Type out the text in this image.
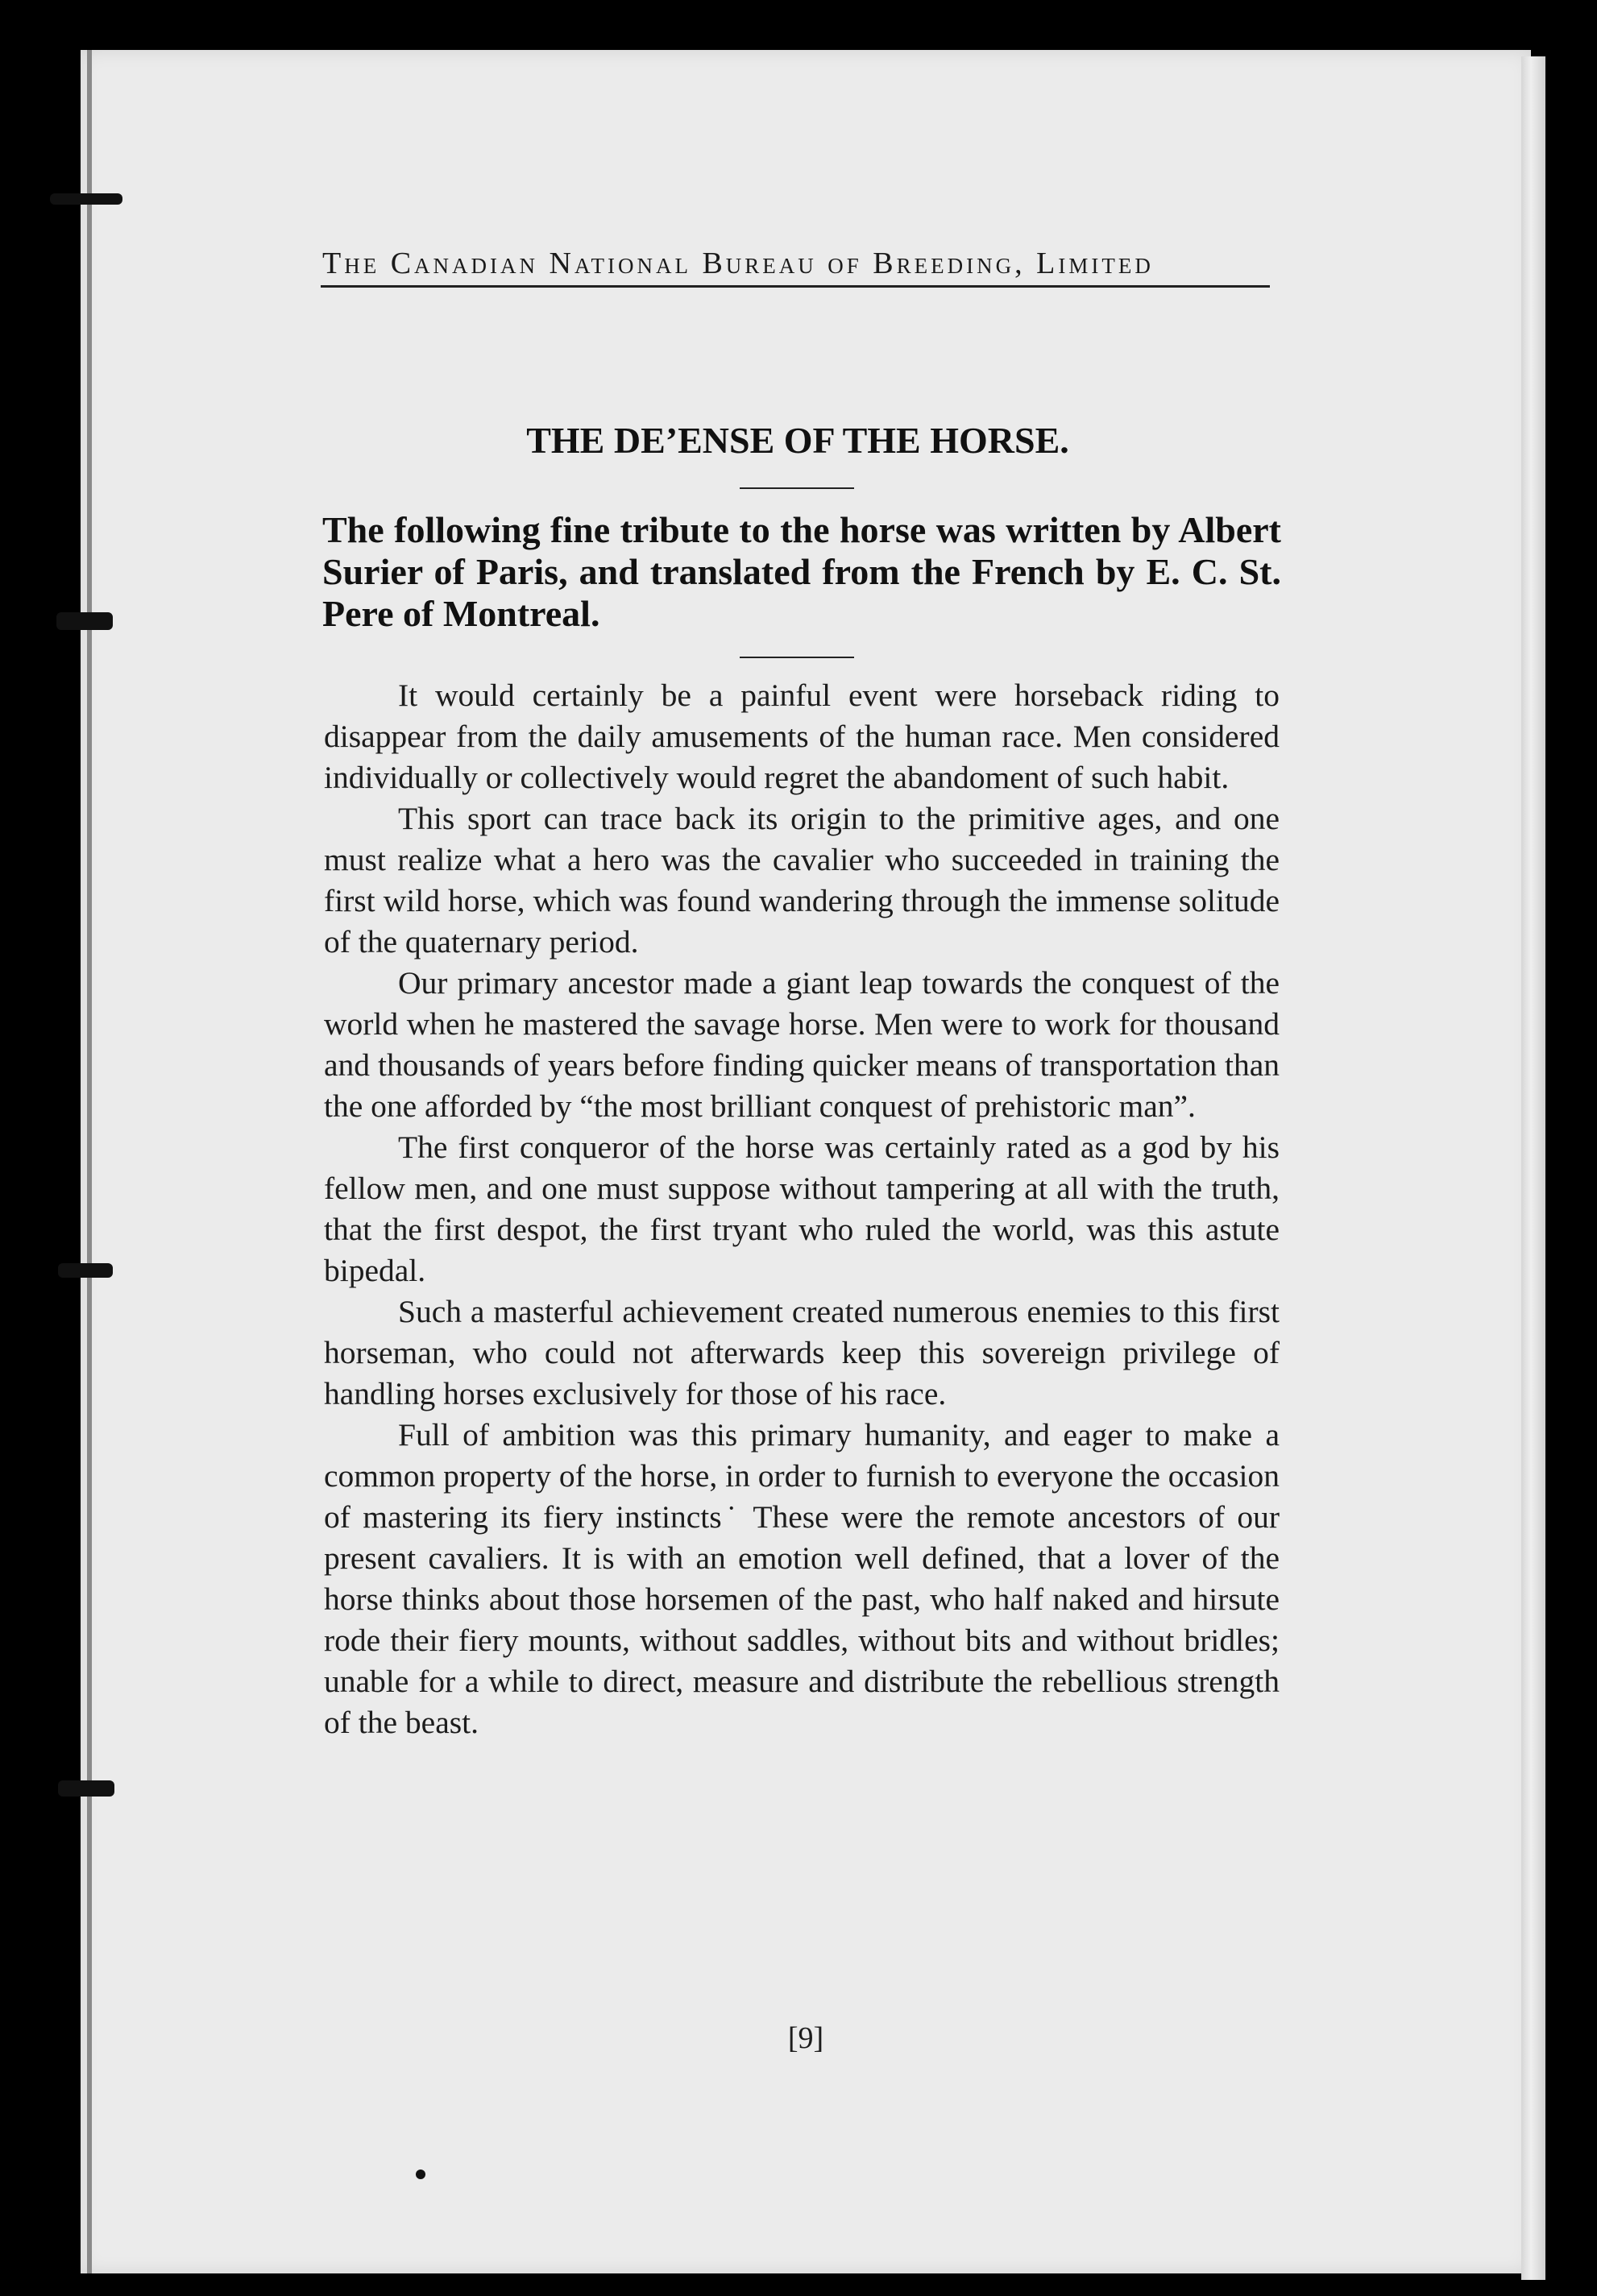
The Canadian National Bureau of Breeding, Limited
THE DE’ENSE OF THE HORSE.
The following fine tribute to the horse was written by Albert Surier of Paris, and translated from the French by E. C. St. Pere of Montreal.

It would certainly be a painful event were horseback riding to disappear from the daily amusements of the human race. Men considered individually or collectively would regret the abandoment of such habit.

This sport can trace back its origin to the primitive ages, and one must realize what a hero was the cavalier who succeeded in training the first wild horse, which was found wandering through the immense solitude of the quaternary period.

Our primary ancestor made a giant leap towards the conquest of the world when he mastered the savage horse. Men were to work for thousand and thousands of years before finding quicker means of transportation than the one afforded by “the most brilliant conquest of prehistoric man”.

The first conqueror of the horse was certainly rated as a god by his fellow men, and one must suppose without tampering at all with the truth, that the first despot, the first tryant who ruled the world, was this astute bipedal.

Such a masterful achievement created numerous enemies to this first horseman, who could not afterwards keep this sovereign privilege of handling horses exclusively for those of his race.

Full of ambition was this primary humanity, and eager to make a common property of the horse, in order to furnish to everyone the occasion of mastering its fiery instincts˙ These were the remote ancestors of our present cavaliers. It is with an emotion well defined, that a lover of the horse thinks about those horsemen of the past, who half naked and hirsute rode their fiery mounts, without saddles, without bits and without bridles; unable for a while to direct, measure and distribute the rebellious strength of the beast.

[9]
